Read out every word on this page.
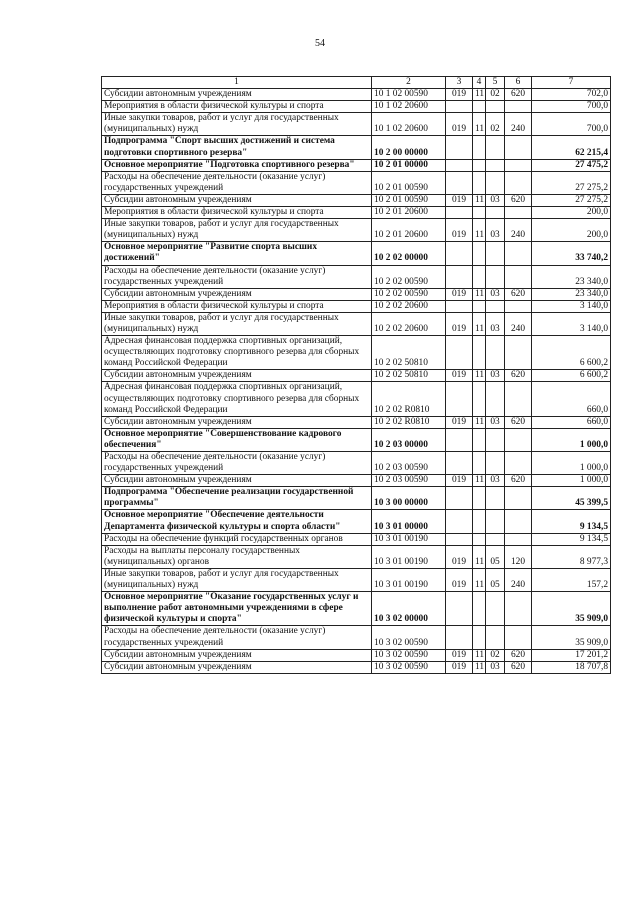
54
1	2	3	4	5	6	7
Субсидии автономным учреждениям	10 1 02 00590	019	11	02	620	702,0
Мероприятия в области физической культуры и спорта	10 1 02 20600					700,0
Иные закупки товаров, работ и услуг для государственных (муниципальных) нужд	10 1 02 20600	019	11	02	240	700,0
Подпрограмма "Спорт высших достижений и система подготовки спортивного резерва"	10 2 00 00000					62 215,4
Основное мероприятие "Подготовка спортивного резерва"	10 2 01 00000					27 475,2
Расходы на обеспечение деятельности (оказание услуг) государственных учреждений	10 2 01 00590					27 275,2
Субсидии автономным учреждениям	10 2 01 00590	019	11	03	620	27 275,2
Мероприятия в области физической культуры и спорта	10 2 01 20600					200,0
Иные закупки товаров, работ и услуг для государственных (муниципальных) нужд	10 2 01 20600	019	11	03	240	200,0
Основное мероприятие "Развитие спорта высших достижений"	10 2 02 00000					33 740,2
Расходы на обеспечение деятельности (оказание услуг) государственных учреждений	10 2 02 00590					23 340,0
Субсидии автономным учреждениям	10 2 02 00590	019	11	03	620	23 340,0
Мероприятия в области физической культуры и спорта	10 2 02 20600					3 140,0
Иные закупки товаров, работ и услуг для государственных (муниципальных) нужд	10 2 02 20600	019	11	03	240	3 140,0
Адресная финансовая поддержка спортивных организаций, осуществляющих подготовку спортивного резерва для сборных команд Российской Федерации	10 2 02 50810					6 600,2
Субсидии автономным учреждениям	10 2 02 50810	019	11	03	620	6 600,2
Адресная финансовая поддержка спортивных организаций, осуществляющих подготовку спортивного резерва для сборных команд Российской Федерации	10 2 02 R0810					660,0
Субсидии автономным учреждениям	10 2 02 R0810	019	11	03	620	660,0
Основное мероприятие "Совершенствование кадрового обеспечения"	10 2 03 00000					1 000,0
Расходы на обеспечение деятельности (оказание услуг) государственных учреждений	10 2 03 00590					1 000,0
Субсидии автономным учреждениям	10 2 03 00590	019	11	03	620	1 000,0
Подпрограмма "Обеспечение реализации государственной программы"	10 3 00 00000					45 399,5
Основное мероприятие "Обеспечение деятельности Департамента физической культуры и спорта области"	10 3 01 00000					9 134,5
Расходы на обеспечение функций государственных органов	10 3 01 00190					9 134,5
Расходы на выплаты персоналу государственных (муниципальных) органов	10 3 01 00190	019	11	05	120	8 977,3
Иные закупки товаров, работ и услуг для государственных (муниципальных) нужд	10 3 01 00190	019	11	05	240	157,2
Основное мероприятие "Оказание государственных услуг и выполнение работ автономными учреждениями в сфере физической культуры и спорта"	10 3 02 00000					35 909,0
Расходы на обеспечение деятельности (оказание услуг) государственных учреждений	10 3 02 00590					35 909,0
Субсидии автономным учреждениям	10 3 02 00590	019	11	02	620	17 201,2
Субсидии автономным учреждениям	10 3 02 00590	019	11	03	620	18 707,8
